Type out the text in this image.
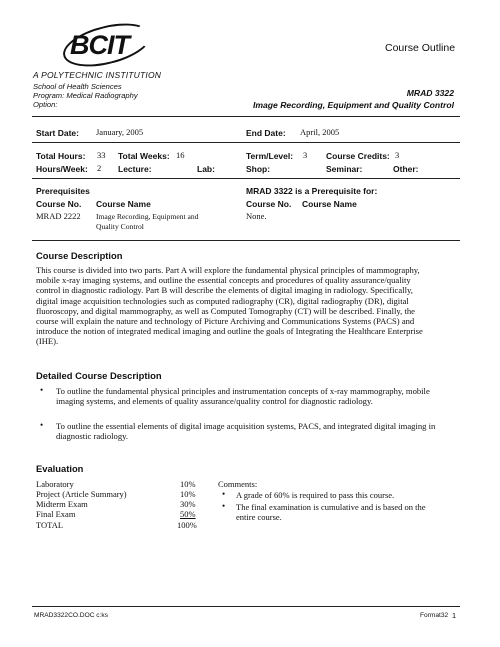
BCIT	Course Outline
A POLYTECHNIC INSTITUTION
School of Health Sciences
Program: Medical Radiography
Option:
MRAD 3322
Image Recording, Equipment and Quality Control
Start Date: January, 2005	End Date: April, 2005
Total Hours: 33 Total Weeks: 16	Term/Level: 3 Course Credits: 3
Hours/Week: 2 Lecture:	Lab:	Shop:	Seminar:	Other:
Prerequisites
Course No. Course Name
MRAD 2222 Image Recording, Equipment and
Quality Control
MRAD 3322 is a Prerequisite for:
Course No. Course Name
None.
Course Description
This course is divided into two parts. Part A will explore the fundamental physical principles of mammography,
mobile x-ray imaging systems, and outline the essential concepts and procedures of quality assurance/quality
control in diagnostic radiology. Part B will describe the elements of digital imaging in radiology. Specifically,
digital image acquisition technologies such as computed radiography (CR), digital radiography (DR), digital
fluoroscopy, and digital mammography, as well as Computed Tomography (CT) will be described. Finally, the
course will explain the nature and technology of Picture Archiving and Communications Systems (PACS) and
introduce the notion of integrated medical imaging and outline the goals of Integrating the Healthcare Enterprise
(IHE).
Detailed Course Description
• To outline the fundamental physical principles and instrumentation concepts of x-ray mammography, mobile
imaging systems, and elements of quality assurance/quality control for diagnostic radiology.
• To outline the essential elements of digital image acquisition systems, PACS, and integrated digital imaging in
diagnostic radiology.
Evaluation
Laboratory	10%
Project (Article Summary)	10%
Midterm Exam	30%
Final Exam	50%
TOTAL	100%
Comments:
• A grade of 60% is required to pass this course.
• The final examination is cumulative and is based on the
entire course.
MRAD3322CO.DOC c:ks	Format32 1
